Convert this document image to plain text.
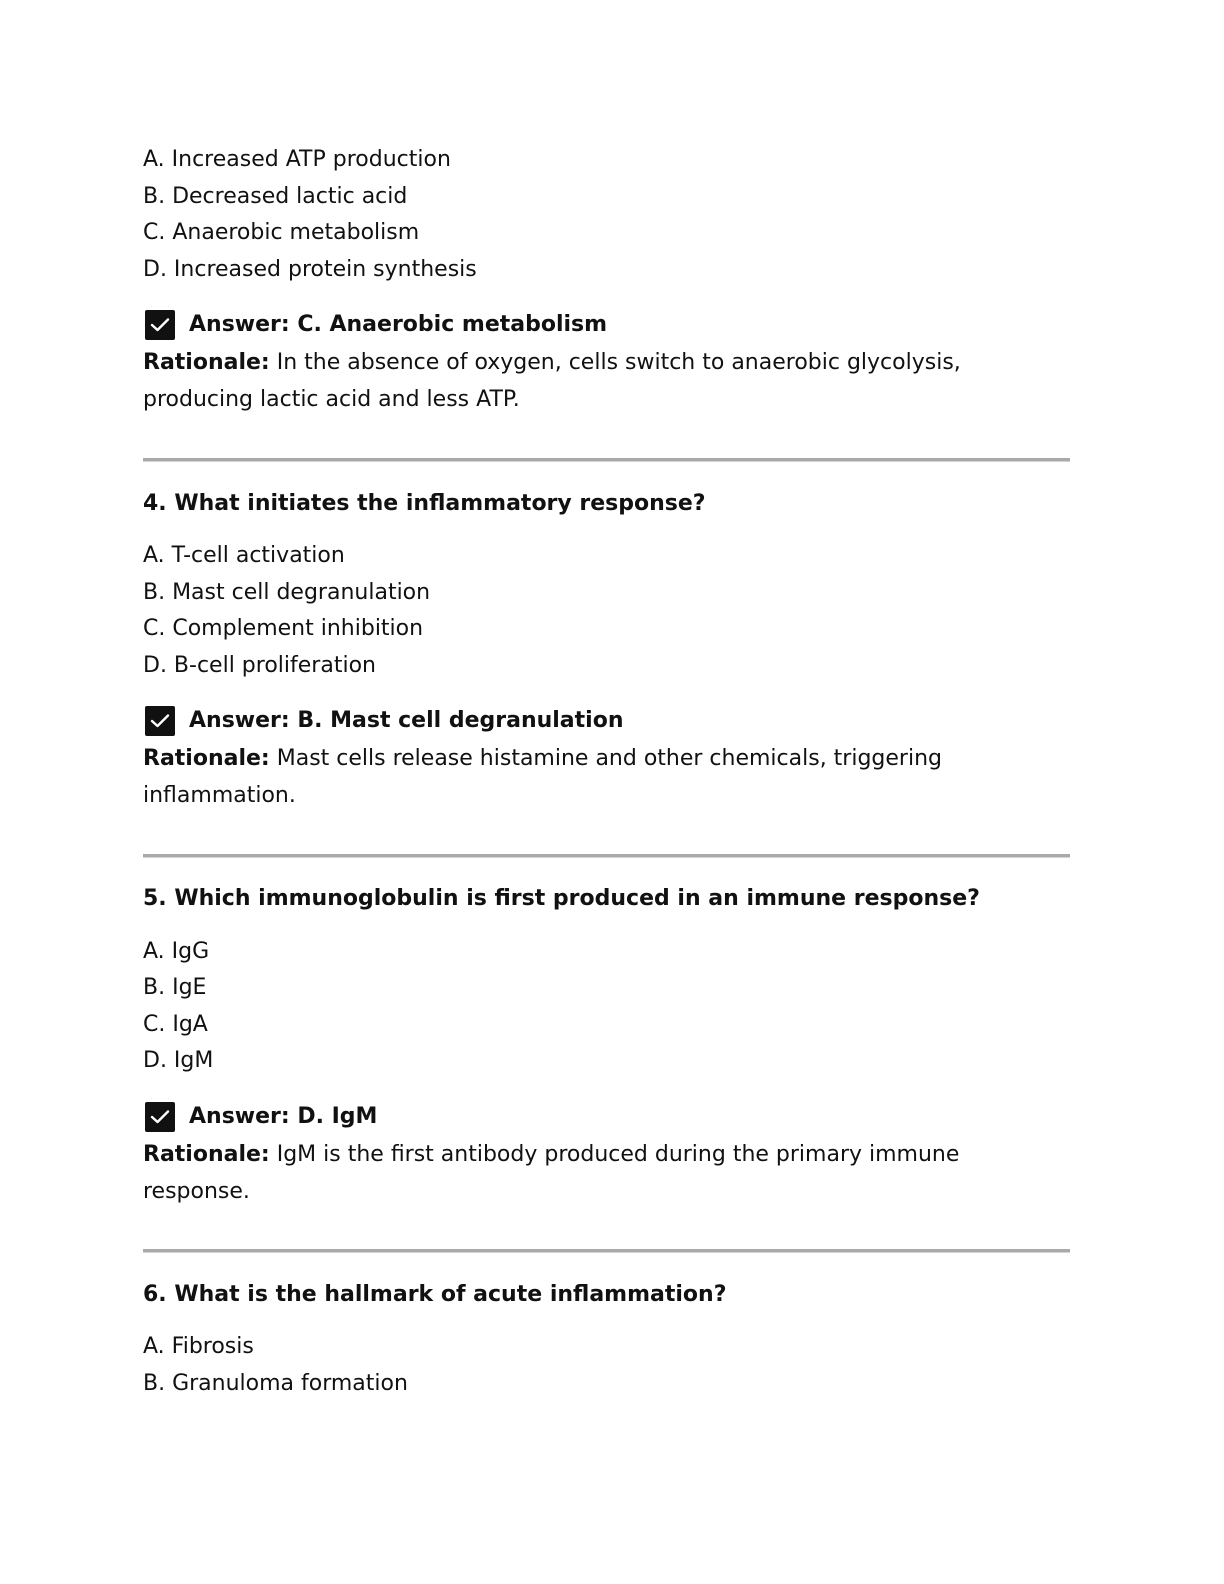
A. Increased ATP production
B. Decreased lactic acid
C. Anaerobic metabolism
D. Increased protein synthesis
Answer: C. Anaerobic metabolism
Rationale: In the absence of oxygen, cells switch to anaerobic glycolysis, producing lactic acid and less ATP.
4. What initiates the inflammatory response?
A. T-cell activation
B. Mast cell degranulation
C. Complement inhibition
D. B-cell proliferation
Answer: B. Mast cell degranulation
Rationale: Mast cells release histamine and other chemicals, triggering inflammation.
5. Which immunoglobulin is first produced in an immune response?
A. IgG
B. IgE
C. IgA
D. IgM
Answer: D. IgM
Rationale: IgM is the first antibody produced during the primary immune response.
6. What is the hallmark of acute inflammation?
A. Fibrosis
B. Granuloma formation
